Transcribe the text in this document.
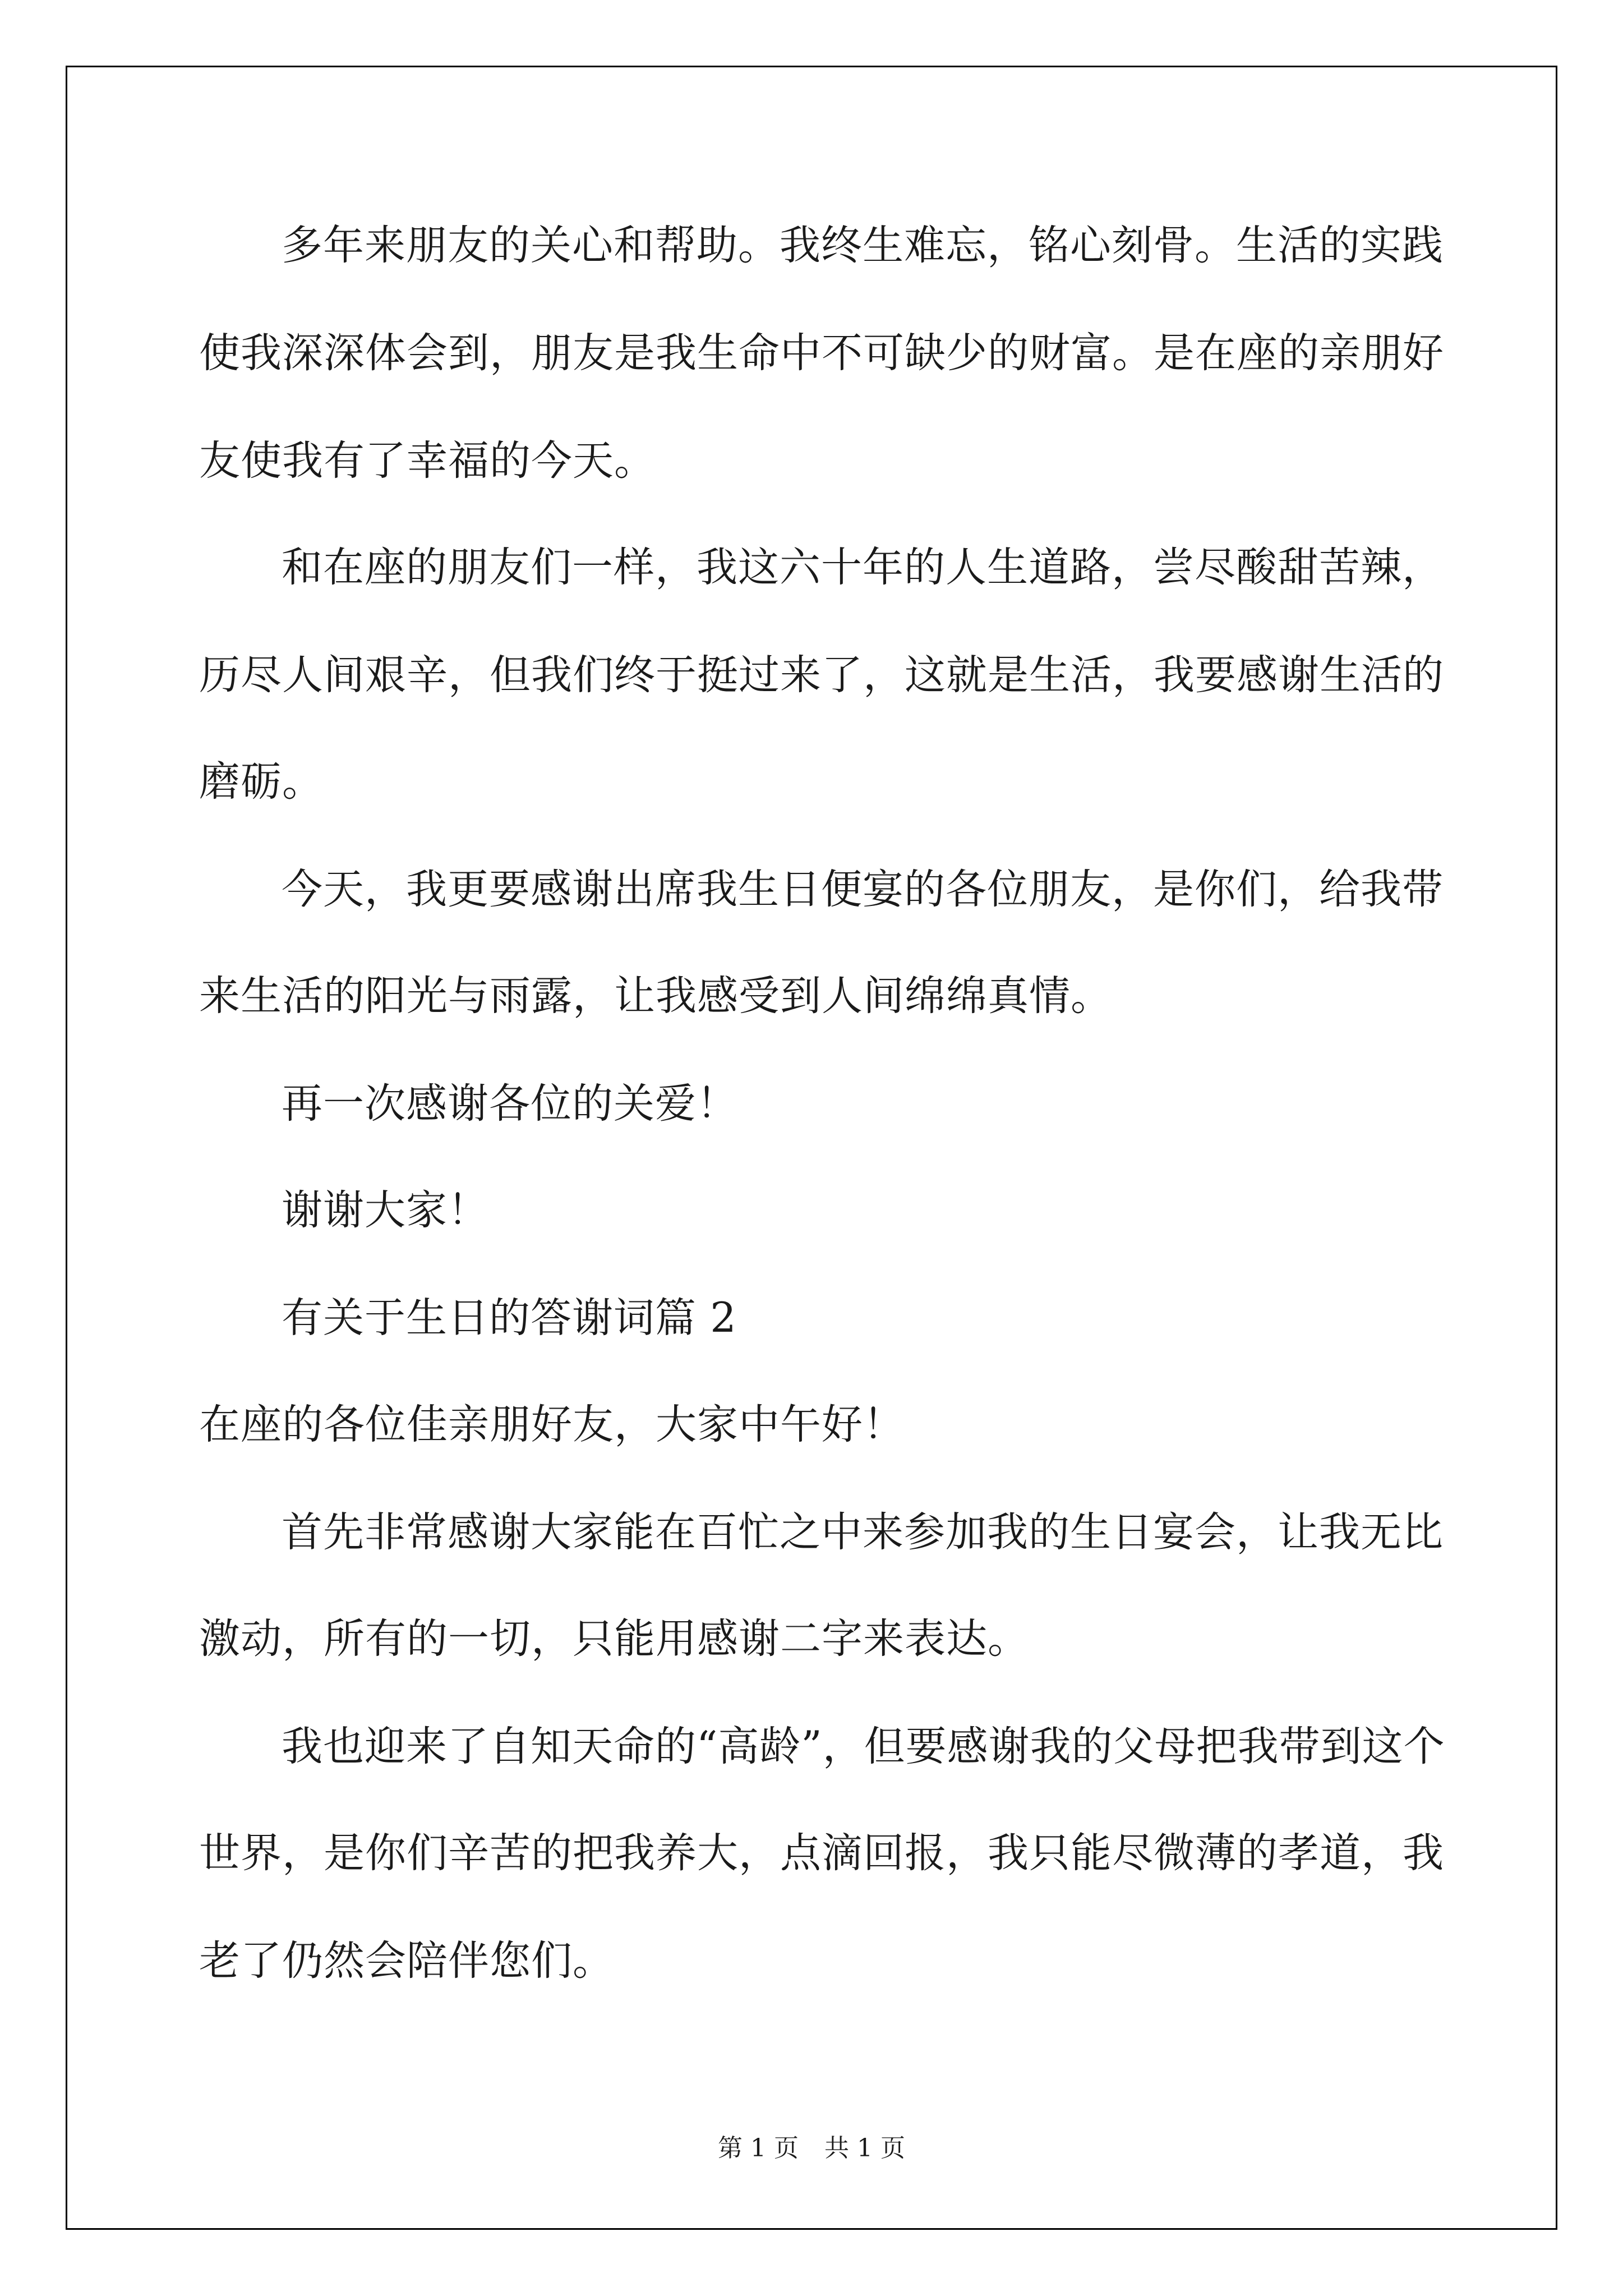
多年来朋友的关心和帮助。我终生难忘，铭心刻骨。生活的实践
使我深深体会到，朋友是我生命中不可缺少的财富。是在座的亲朋好
友使我有了幸福的今天。
和在座的朋友们一样，我这六十年的人生道路，尝尽酸甜苦辣，
历尽人间艰辛，但我们终于挺过来了，这就是生活，我要感谢生活的
磨砺。
今天，我更要感谢出席我生日便宴的各位朋友，是你们，给我带
来生活的阳光与雨露，让我感受到人间绵绵真情。
再一次感谢各位的关爱！
谢谢大家！
有关于生日的答谢词篇 2
在座的各位佳亲朋好友，大家中午好！
首先非常感谢大家能在百忙之中来参加我的生日宴会，让我无比
激动，所有的一切，只能用感谢二字来表达。
我也迎来了自知天命的“高龄”，但要感谢我的父母把我带到这个
世界，是你们辛苦的把我养大，点滴回报，我只能尽微薄的孝道，我
老了仍然会陪伴您们。
第 1 页 共 1 页
